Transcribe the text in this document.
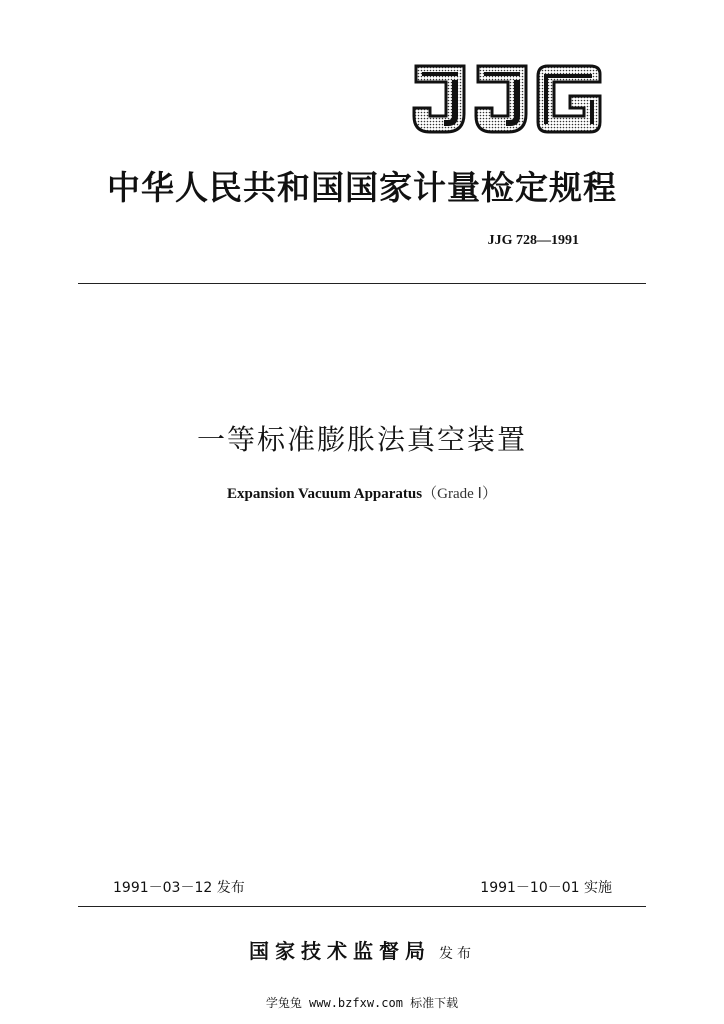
中华人民共和国国家计量检定规程
JJG 728—1991
一等标准膨胀法真空装置
Expansion Vacuum Apparatus（Grade Ⅰ）
1991－03－12 发布	1991－10－01 实施
国家技术监督局 发布
学兔兔 www.bzfxw.com 标准下载
